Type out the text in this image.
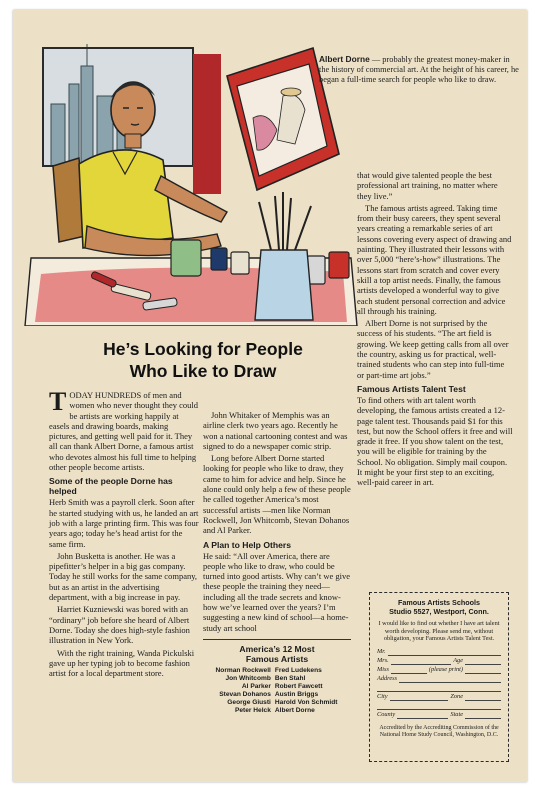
Albert Dorne — probably the greatest money-maker in the history of commercial art. At the height of his career, he began a full-time search for people who like to draw.
He’s Looking for People
Who Like to Draw

TODAY HUNDREDS of men and women who never thought they could be artists are working happily at easels and drawing boards, making pictures, and getting well paid for it. They all can thank Albert Dorne, a famous artist who devotes almost his full time to helping other people become artists.

Some of the people Dorne has helped

Herb Smith was a payroll clerk. Soon after he started studying with us, he landed an art job with a large printing firm. This was four years ago; today he’s head artist for the same firm.

John Busketta is another. He was a pipefitter’s helper in a big gas company. Today he still works for the same company, but as an artist in the advertising department, with a big increase in pay.

Harriet Kuzniewski was bored with an “ordinary” job before she heard of Albert Dorne. Today she does high-style fashion illustration in New York.

With the right training, Wanda Pickulski gave up her typing job to become fashion artist for a local department store.

John Whitaker of Memphis was an airline clerk two years ago. Recently he won a national cartooning contest and was signed to do a newspaper comic strip.

Long before Albert Dorne started looking for people who like to draw, they came to him for advice and help. Since he alone could only help a few of these people he called together America’s most successful artists —men like Norman Rockwell, Jon Whitcomb, Stevan Dohanos and Al Parker.

A Plan to Help Others

He said: “All over America, there are people who like to draw, who could be turned into good artists. Why can’t we give these people the training they need—including all the trade secrets and know-how we’ve learned over the years? I’m suggesting a new kind of school—a home-study art school

America’s 12 Most
Famous Artists
Norman Rockwell	Fred Ludekens
Jon Whitcomb	Ben Stahl
Al Parker	Robert Fawcett
Stevan Dohanos	Austin Briggs
George Giusti	Harold Von Schmidt
Peter Helck	Albert Dorne

that would give talented people the best professional art training, no matter where they live.”

The famous artists agreed. Taking time from their busy careers, they spent several years creating a remarkable series of art lessons covering every aspect of drawing and painting. They illustrated their lessons with over 5,000 “here’s-how” illustrations. The lessons start from scratch and cover every skill a top artist needs. Finally, the famous artists developed a wonderful way to give each student personal correction and advice all through his training.

Albert Dorne is not surprised by the success of his students. “The art field is growing. We keep getting calls from all over the country, asking us for practical, well-trained students who can step into full-time or part-time art jobs.”

Famous Artists Talent Test

To find others with art talent worth developing, the famous artists created a 12-page talent test. Thousands paid $1 for this test, but now the School offers it free and will grade it free. If you show talent on the test, you will be eligible for training by the School. No obligation. Simply mail coupon. It might be your first step to an exciting, well-paid career in art.

Famous Artists Schools
Studio 5527, Westport, Conn.
I would like to find out whether I have art talent worth developing. Please send me, without obligation, your Famous Artists Talent Test.
Mr.
Mrs.	Age
Miss	(please print)
Address
City	Zone
County	State
Accredited by the Accrediting Commission of the National Home Study Council, Washington, D.C.
